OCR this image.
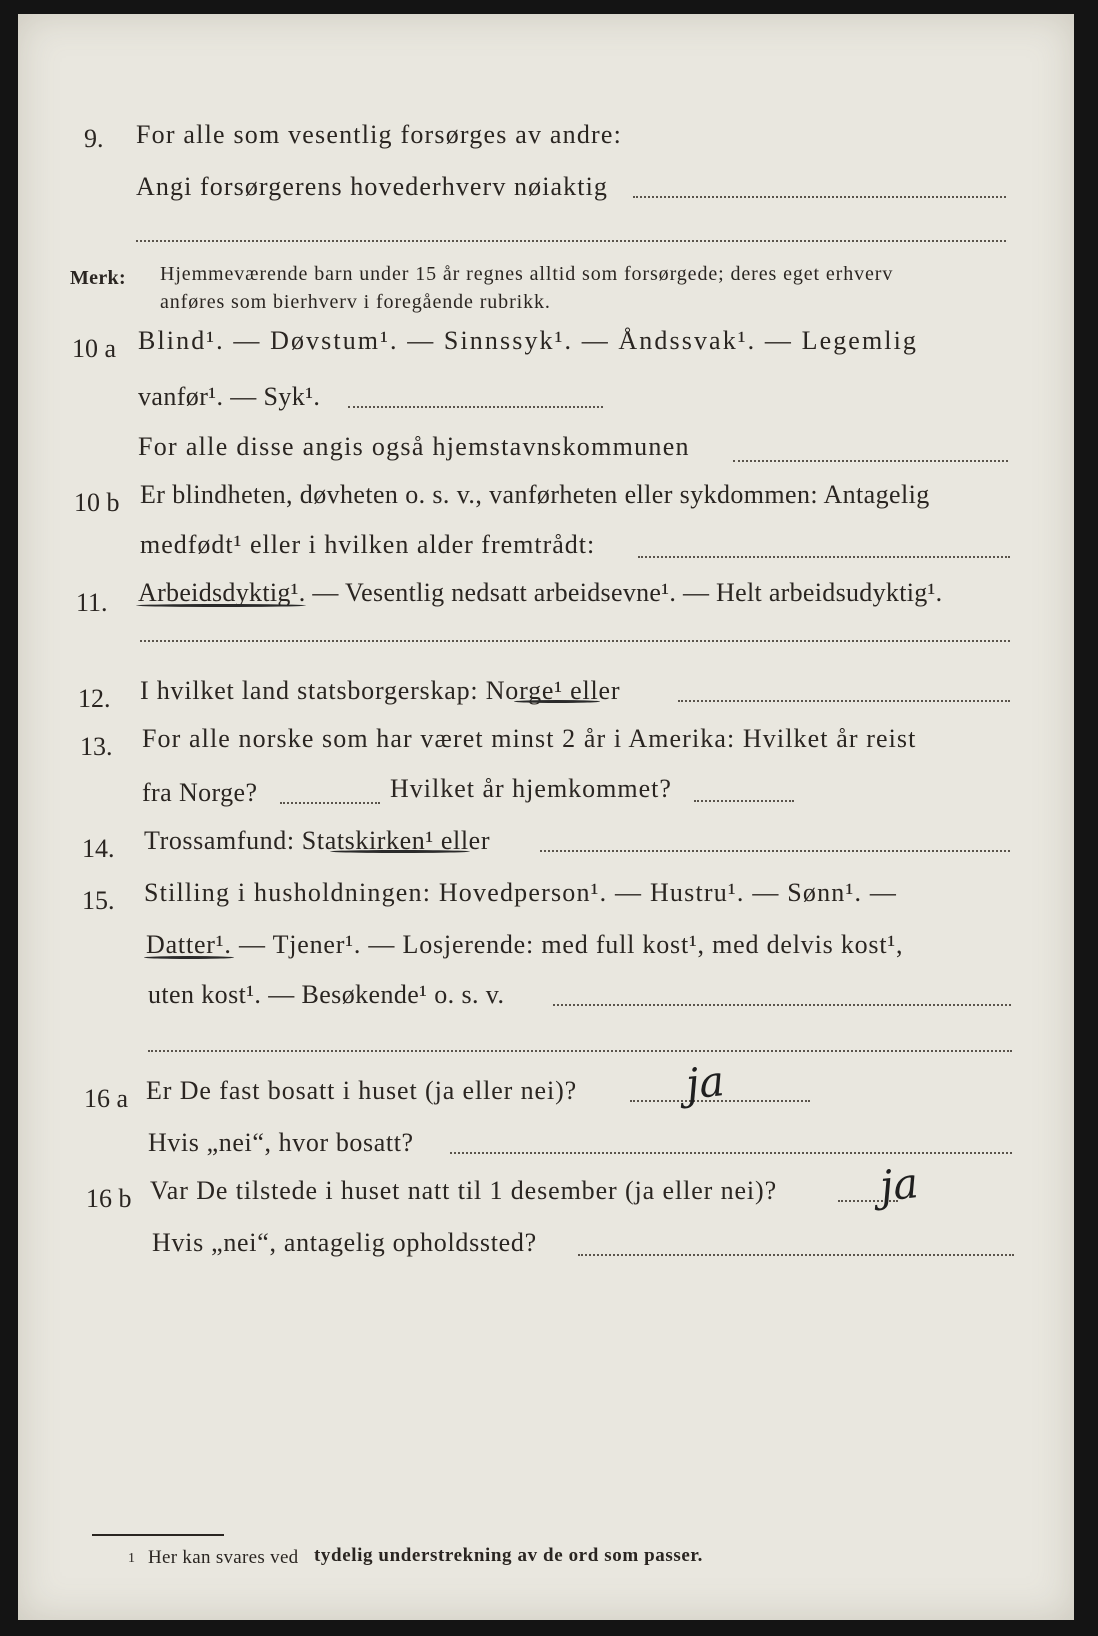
9. For alle som vesentlig forsørges av andre:
Angi forsørgerens hovederhverv nøiaktig
Merk: Hjemmeværende barn under 15 år regnes alltid som forsørgede; deres eget erhverv
anføres som bierhverv i foregående rubrikk.
10 a Blind¹. — Døvstum¹. — Sinnssyk¹. — Åndssvak¹. — Legemlig
vanfør¹. — Syk¹.
For alle disse angis også hjemstavnskommunen
10 b Er blindheten, døvheten o. s. v., vanførheten eller sykdommen: Antagelig
medfødt¹ eller i hvilken alder fremtrådt:
11. Arbeidsdyktig¹. — Vesentlig nedsatt arbeidsevne¹. — Helt arbeidsudyktig¹.
12. I hvilket land statsborgerskap: Norge¹ eller
13. For alle norske som har været minst 2 år i Amerika: Hvilket år reist
fra Norge?	Hvilket år hjemkommet?
14. Trossamfund: Statskirken¹ eller
15. Stilling i husholdningen: Hovedperson¹. — Hustru¹. — Sønn¹. —
Datter¹. — Tjener¹. — Losjerende: med full kost¹, med delvis kost¹,
uten kost¹. — Besøkende¹ o. s. v.
16 a Er De fast bosatt i huset (ja eller nei)?	ja
Hvis „nei“, hvor bosatt?
16 b Var De tilstede i huset natt til 1 desember (ja eller nei)? ja
Hvis „nei“, antagelig opholdssted?
1 Her kan svares ved tydelig understrekning av de ord som passer.
